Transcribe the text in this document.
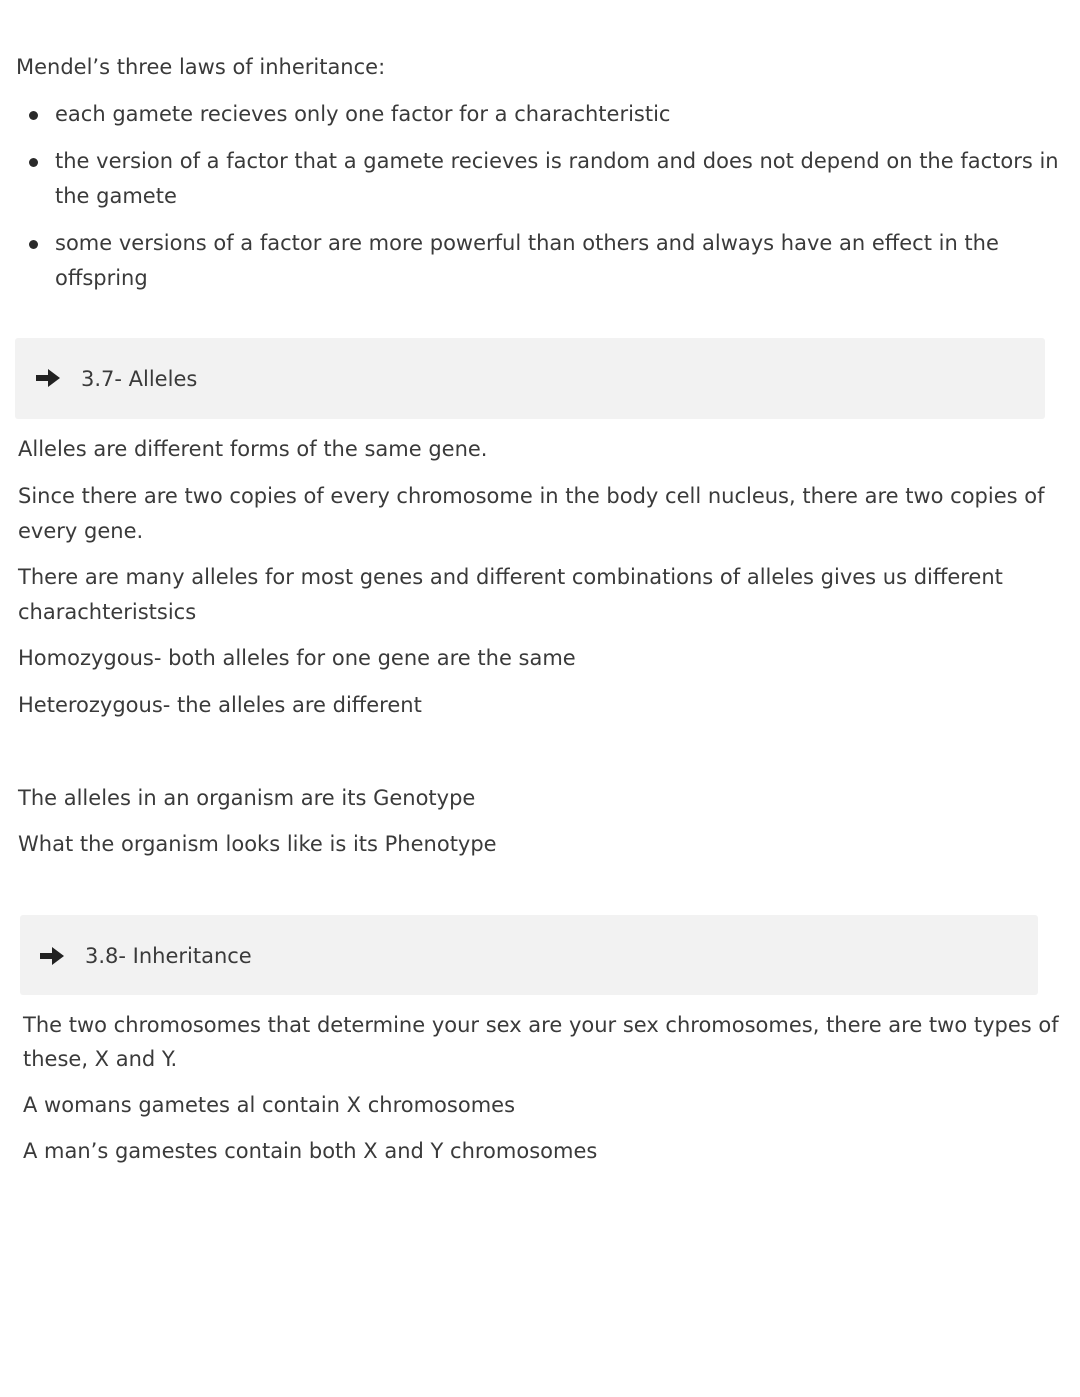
Mendel’s three laws of inheritance:
each gamete recieves only one factor for a charachteristic
the version of a factor that a gamete recieves is random and does not depend on the factors in
the gamete
some versions of a factor are more powerful than others and always have an effect in the
offspring
3.7- Alleles
Alleles are different forms of the same gene.
Since there are two copies of every chromosome in the body cell nucleus, there are two copies of
every gene.
There are many alleles for most genes and different combinations of alleles gives us different
charachteristsics
Homozygous- both alleles for one gene are the same
Heterozygous- the alleles are different
The alleles in an organism are its Genotype
What the organism looks like is its Phenotype
3.8- Inheritance
The two chromosomes that determine your sex are your sex chromosomes, there are two types of
these, X and Y.
A womans gametes al contain X chromosomes
A man’s gamestes contain both X and Y chromosomes
